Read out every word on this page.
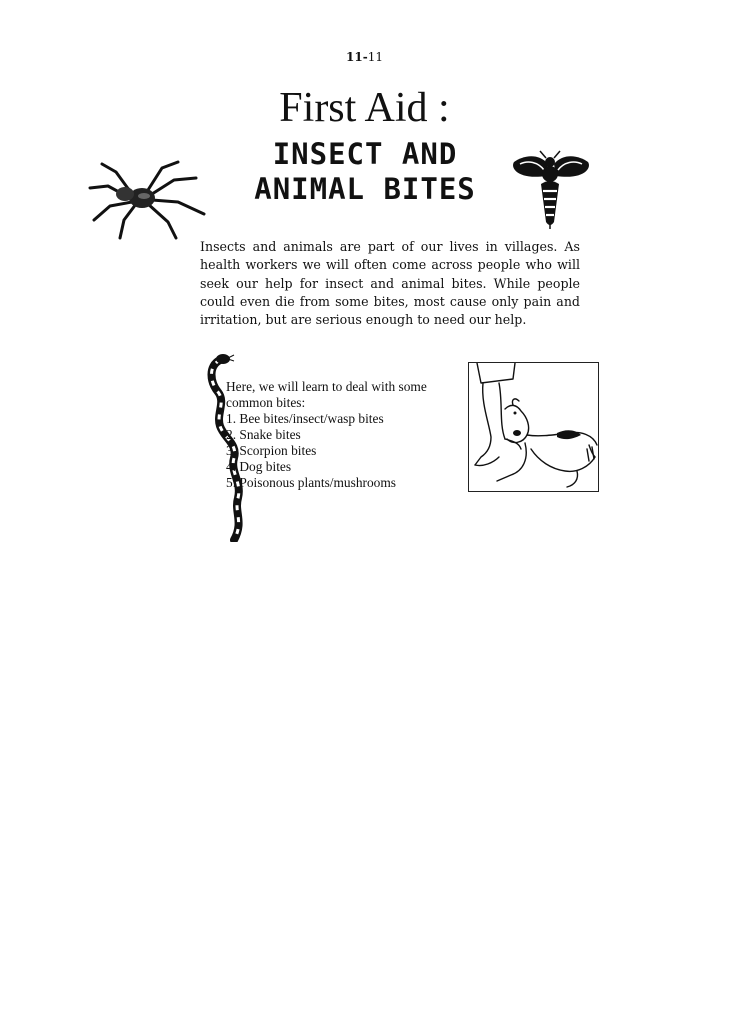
11-11
First Aid :
INSECT AND
ANIMAL BITES

Insects and animals are part of our lives in villages. As health workers we will often come across people who will seek our help for insect and animal bites. While people could even die from some bites, most cause only pain and irritation, but are serious enough to need our help.

Here, we will learn to deal with some

common bites:

1. Bee bites/insect/wasp bites
2. Snake bites
3. Scorpion bites
4. Dog bites
5. Poisonous plants/mushrooms
